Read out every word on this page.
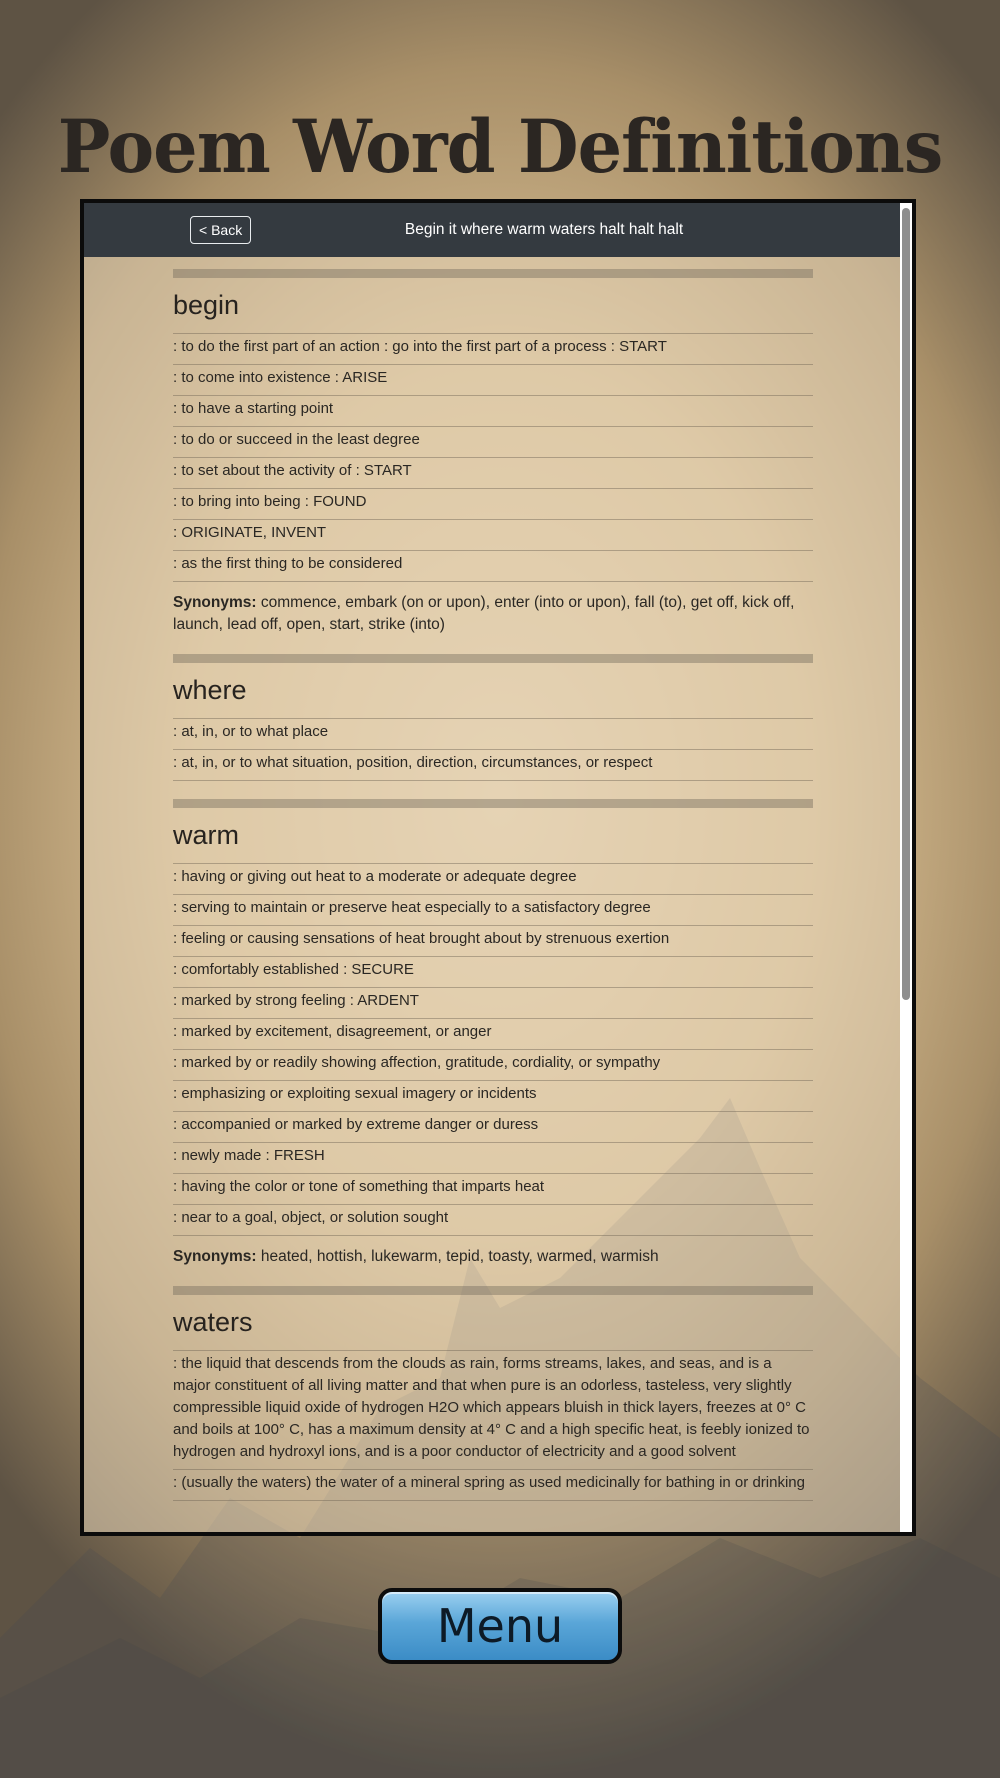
Poem Word Definitions
< Back	Begin it where warm waters halt halt halt
begin
: to do the first part of an action : go into the first part of a process : START
: to come into existence : ARISE
: to have a starting point
: to do or succeed in the least degree
: to set about the activity of : START
: to bring into being : FOUND
: ORIGINATE, INVENT
: as the first thing to be considered
Synonyms: commence, embark (on or upon), enter (into or upon), fall (to), get off, kick off, launch, lead off, open, start, strike (into)
where
: at, in, or to what place
: at, in, or to what situation, position, direction, circumstances, or respect
warm
: having or giving out heat to a moderate or adequate degree
: serving to maintain or preserve heat especially to a satisfactory degree
: feeling or causing sensations of heat brought about by strenuous exertion
: comfortably established : SECURE
: marked by strong feeling : ARDENT
: marked by excitement, disagreement, or anger
: marked by or readily showing affection, gratitude, cordiality, or sympathy
: emphasizing or exploiting sexual imagery or incidents
: accompanied or marked by extreme danger or duress
: newly made : FRESH
: having the color or tone of something that imparts heat
: near to a goal, object, or solution sought
Synonyms: heated, hottish, lukewarm, tepid, toasty, warmed, warmish
waters
: the liquid that descends from the clouds as rain, forms streams, lakes, and seas, and is a major constituent of all living matter and that when pure is an odorless, tasteless, very slightly compressible liquid oxide of hydrogen H2O which appears bluish in thick layers, freezes at 0° C and boils at 100° C, has a maximum density at 4° C and a high specific heat, is feebly ionized to hydrogen and hydroxyl ions, and is a poor conductor of electricity and a good solvent
: (usually the waters) the water of a mineral spring as used medicinally for bathing in or drinking
Menu
